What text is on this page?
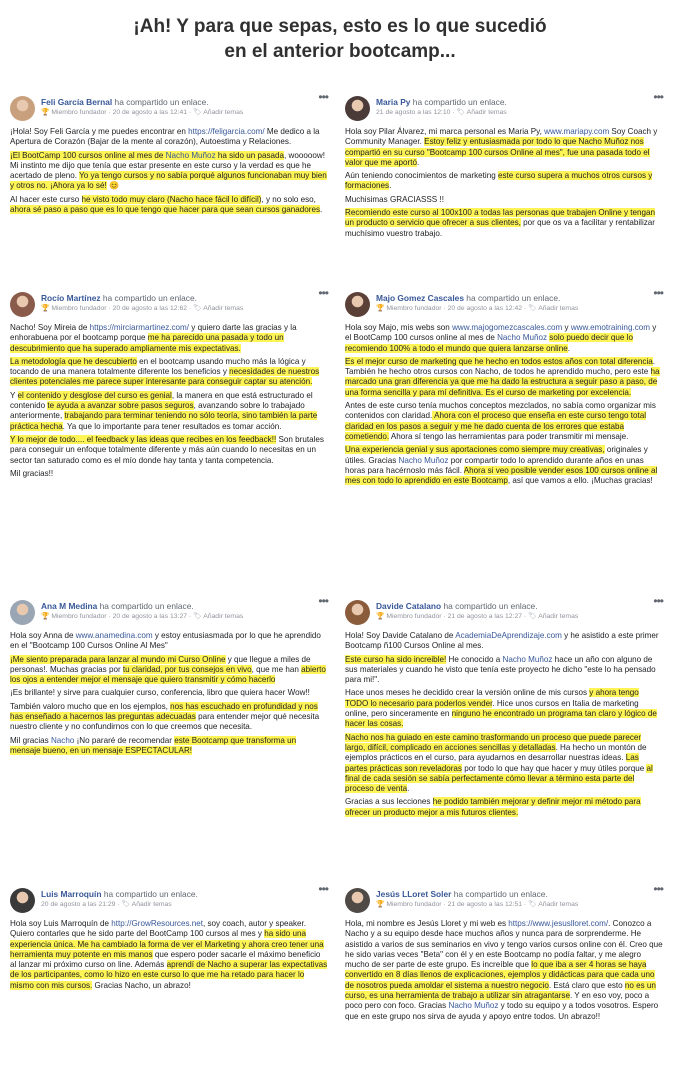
¡Ah! Y para que sepas, esto es lo que sucedió
en el anterior bootcamp...
Feli García Bernal ha compartido un enlace.
🏆 Miembro fundador · 20 de agosto a las 12:41 · 🏷 Añadir temas
•••

¡Hola! Soy Feli García y me puedes encontrar en https://feligarcia.com/ Me dedico a la Apertura de Corazón (Bajar de la mente al corazón), Autoestima y Relaciones.

¡El BootCamp 100 cursos online al mes de Nacho Muñoz ha sido un pasada, wooooow! Mi instinto me dijo que tenía que estar presente en este curso y la verdad es que he acertado de pleno. Yo ya tengo cursos y no sabía porqué algunos funcionaban muy bien y otros no. ¡Ahora ya lo sé! 😊

Al hacer este curso he visto todo muy claro (Nacho hace fácil lo difícil), y no solo eso, ahora sé paso a paso que es lo que tengo que hacer para que sean cursos ganadores.

Maria Py ha compartido un enlace.
21 de agosto a las 12:10 · 🏷 Añadir temas
•••

Hola soy Pilar Álvarez, mi marca personal es Maria Py, www.mariapy.com Soy Coach y Community Manager. Estoy feliz y entusiasmada por todo lo que Nacho Muñoz nos compartió en su curso "Bootcamp 100 cursos Online al mes", fue una pasada todo el valor que me aportó.

Aún teniendo conocimientos de marketing este curso supera a muchos otros cursos y formaciones.

Muchisimas GRACIASSS !!

Recomiendo este curso al 100x100 a todas las personas que trabajen Online y tengan un producto o servicio que ofrecer a sus clientes, por que os va a facilitar y rentabilizar muchísimo vuestro trabajo.

Rocío Martínez ha compartido un enlace.
🏆 Miembro fundador · 20 de agosto a las 12:62 · 🏷 Añadir temas
•••

Nacho! Soy Mireia de https://mirciarmartinez.com/ y quiero darte las gracias y la enhorabuena por el bootcamp porque me ha parecido una pasada y todo un descubrimiento que ha superado ampliamente mis expectativas.

La metodología que he descubierto en el bootcamp usando mucho más la lógica y tocando de una manera totalmente diferente los beneficios y necesidades de nuestros clientes potenciales me parece super interesante para conseguir captar su atención.

Y el contenido y desglose del curso es genial, la manera en que está estructurado el contenido te ayuda a avanzar sobre pasos seguros, avanzando sobre lo trabajado anteriormente, trabajando para terminar teniendo no sólo teoría, sino también la parte práctica hecha. Ya que lo importante para tener resultados es tomar acción.

Y lo mejor de todo.... el feedback y las ideas que recibes en los feedback!! Son brutales para conseguir un enfoque totalmente diferente y más aún cuando lo necesitas en un sector tan saturado como es el mío donde hay tanta y tanta competencia.

Mil gracias!!

Majo Gomez Cascales ha compartido un enlace.
🏆 Miembro fundador · 20 de agosto a las 12:42 · 🏷 Añadir temas
•••

Hola soy Majo, mis webs son www.majogomezcascales.com y www.emotraining.com y el BootCamp 100 cursos online al mes de Nacho Muñoz solo puedo decir que lo recomiendo 100% a todo el mundo que quiera lanzarse online.

Es el mejor curso de marketing que he hecho en todos estos años con total diferencia. También he hecho otros cursos con Nacho, de todos he aprendido mucho, pero este ha marcado una gran diferencia ya que me ha dado la estructura a seguir paso a paso, de una forma sencilla y para mí definitiva. Es el curso de marketing por excelencia.

Antes de este curso tenía muchos conceptos mezclados, no sabía como organizar mis contenidos con claridad. Ahora con el proceso que enseña en este curso tengo total claridad en los pasos a seguir y me he dado cuenta de los errores que estaba cometiendo. Ahora sí tengo las herramientas para poder transmitir mi mensaje.

Una experiencia genial y sus aportaciones como siempre muy creativas, originales y útiles. Gracias Nacho Muñoz por compartir todo lo aprendido durante años en unas horas para hacérnoslo más fácil. Ahora si veo posible vender esos 100 cursos online al mes con todo lo aprendido en este Bootcamp, así que vamos a ello. ¡Muchas gracias!

Ana M Medina ha compartido un enlace.
🏆 Miembro fundador · 20 de agosto a las 13:27 · 🏷 Añadir temas
•••

Hola soy Anna de www.anamedina.com y estoy entusiasmada por lo que he aprendido en el "Bootcamp 100 Cursos Online Al Mes"

¡Me siento preparada para lanzar al mundo mi Curso Online y que llegue a miles de personas!. Muchas gracias por tu claridad, por tus consejos en vivo, que me han abierto los ojos a entender mejor el mensaje que quiero transmitir y cómo hacerlo

¡Es brillante! y sirve para cualquier curso, conferencia, libro que quiera hacer Wow!!

También valoro mucho que en los ejemplos, nos has escuchado en profundidad y nos has enseñado a hacernos las preguntas adecuadas para entender mejor qué necesita nuestro cliente y no confundirnos con lo que creemos que necesita.

Mil gracias Nacho ¡No pararé de recomendar este Bootcamp que transforma un mensaje bueno, en un mensaje ESPECTACULAR!

Davide Catalano ha compartido un enlace.
🏆 Miembro fundador · 21 de agosto a las 12:27 · 🏷 Añadir temas
•••

Hola! Soy Davide Catalano de AcademiaDeAprendizaje.com y he asistido a este primer Bootcamp ñ100 Cursos Online al mes.

Este curso ha sido increible! He conocido a Nacho Muñoz hace un año con alguno de sus materiales y cuando he visto que tenía este proyecto he dicho "este lo ha pensado para mi!".

Hace unos meses he decidido crear la versión online de mis cursos y ahora tengo TODO lo necesario para poderlos vender. Hice unos cursos en Italia de marketing online, pero sinceramente en ninguno he encontrado un programa tan claro y lógico de hacer las cosas.

Nacho nos ha guiado en este camino trasformando un proceso que puede parecer largo, difícil, complicado en acciones sencillas y detalladas. Ha hecho un montón de ejemplos prácticos en el curso, para ayudarnos en desarrollar nuestras ideas. Las partes prácticas son reveladoras por todo lo que hay que hacer y muy útiles porque al final de cada sesión se sabía perfectamente cómo llevar a término esta parte del proceso de venta.

Gracias a sus lecciones he podido también mejorar y definir mejor mi método para ofrecer un producto mejor a mis futuros clientes.

Luis Marroquín ha compartido un enlace.
20 de agosto a las 21:29 · 🏷 Añadir temas
•••

Hola soy Luis Marroquín de http://GrowResources.net, soy coach, autor y speaker. Quiero contarles que he sido parte del BootCamp 100 cursos al mes y ha sido una experiencia única. Me ha cambiado la forma de ver el Marketing y ahora creo tener una herramienta muy potente en mis manos que espero poder sacarle el máximo beneficio al lanzar mi próximo curso on line. Además aprendí de Nacho a superar las expectativas de los participantes, como lo hizo en este curso lo que me ha retado para hacer lo mismo con mis cursos. Gracias Nacho, un abrazo!

Jesús LLoret Soler ha compartido un enlace.
🏆 Miembro fundador · 21 de agosto a las 12:51 · 🏷 Añadir temas
•••

Hola, mi nombre es Jesús Lloret y mi web es https://www.jesuslloret.com/. Conozco a Nacho y a su equipo desde hace muchos años y nunca para de sorprenderme. He asistido a varios de sus seminarios en vivo y tengo varios cursos online con él. Creo que he sido varias veces "Beta" con él y en este Bootcamp no podía faltar, y me alegro mucho de ser parte de este grupo. Es increíble que lo que iba a ser 4 horas se haya convertido en 8 días llenos de explicaciones, ejemplos y didácticas para que cada uno de nosotros pueda amoldar el sistema a nuestro negocio. Está claro que esto no es un curso, es una herramienta de trabajo a utilizar sin atragantarse. Y en eso voy, poco a poco pero con foco. Gracias Nacho Muñoz y todo su equipo y a todos vosotros. Espero que en este grupo nos sirva de ayuda y apoyo entre todos. Un abrazo!!
